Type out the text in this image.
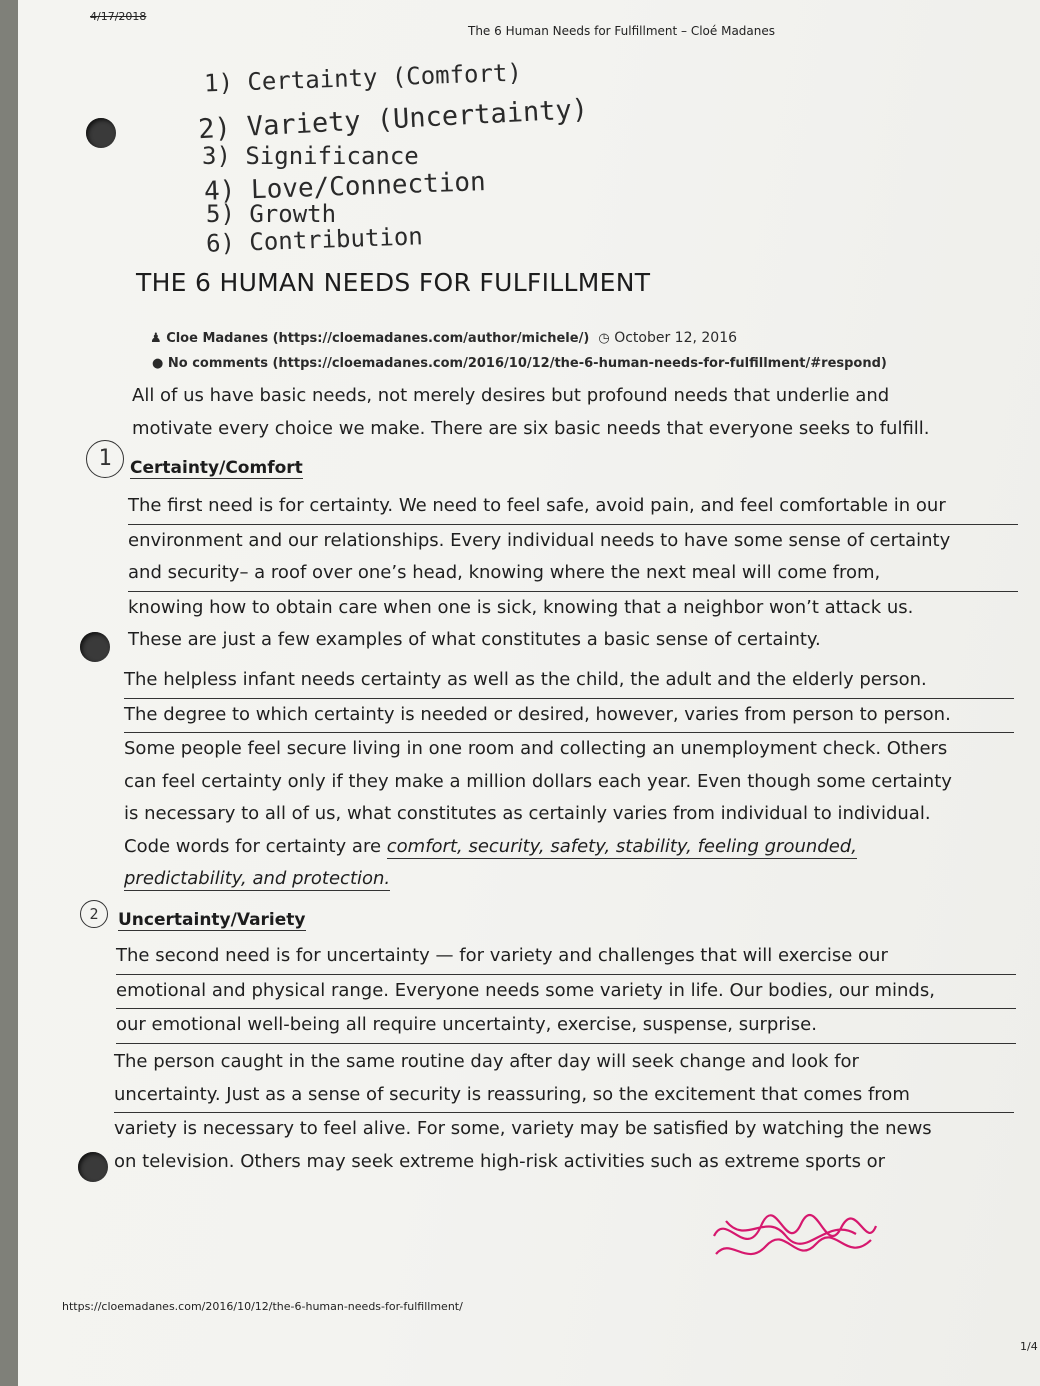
4/17/2018
The 6 Human Needs for Fulfillment – Cloé Madanes
1) Certainty (Comfort)
2) Variety (Uncertainty)
3) Significance
4) Love/Connection
5) Growth
6) Contribution
THE 6 HUMAN NEEDS FOR FULFILLMENT
♟ Cloe Madanes (https://cloemadanes.com/author/michele/) ◷ October 12, 2016
● No comments (https://cloemadanes.com/2016/10/12/the-6-human-needs-for-fulfillment/#respond)
All of us have basic needs, not merely desires but profound needs that underlie and
motivate every choice we make. There are six basic needs that everyone seeks to fulfill.
1	Certainty/Comfort
The first need is for certainty. We need to feel safe, avoid pain, and feel comfortable in our
environment and our relationships. Every individual needs to have some sense of certainty
and security– a roof over one’s head, knowing where the next meal will come from,
knowing how to obtain care when one is sick, knowing that a neighbor won’t attack us.
These are just a few examples of what constitutes a basic sense of certainty.
The helpless infant needs certainty as well as the child, the adult and the elderly person.
The degree to which certainty is needed or desired, however, varies from person to person.
Some people feel secure living in one room and collecting an unemployment check. Others
can feel certainty only if they make a million dollars each year. Even though some certainty
is necessary to all of us, what constitutes as certainly varies from individual to individual.
Code words for certainty are comfort, security, safety, stability, feeling grounded,
predictability, and protection.
2	Uncertainty/Variety
The second need is for uncertainty — for variety and challenges that will exercise our
emotional and physical range. Everyone needs some variety in life. Our bodies, our minds,
our emotional well-being all require uncertainty, exercise, suspense, surprise.
The person caught in the same routine day after day will seek change and look for
uncertainty. Just as a sense of security is reassuring, so the excitement that comes from
variety is necessary to feel alive. For some, variety may be satisfied by watching the news
on television. Others may seek extreme high-risk activities such as extreme sports or
https://cloemadanes.com/2016/10/12/the-6-human-needs-for-fulfillment/
1/4
